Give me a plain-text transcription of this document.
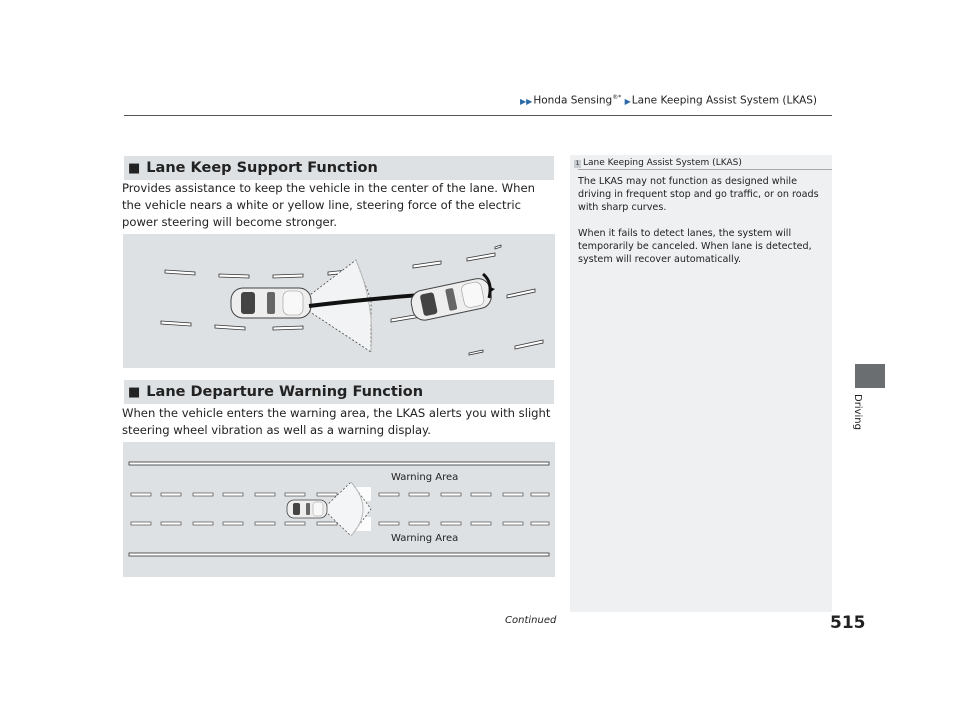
▶▶Honda Sensing®* ▶Lane Keeping Assist System (LKAS)
■ Lane Keep Support Function
Provides assistance to keep the vehicle in the center of the lane. When the vehicle nears a white or yellow line, steering force of the electric power steering will become stronger.
■ Lane Departure Warning Function
When the vehicle enters the warning area, the LKAS alerts you with slight steering wheel vibration as well as a warning display.
Warning Area
Warning Area
1 Lane Keeping Assist System (LKAS)

The LKAS may not function as designed while driving in frequent stop and go traffic, or on roads with sharp curves.

When it fails to detect lanes, the system will temporarily be canceled. When lane is detected, system will recover automatically.

Driving
Continued	515
